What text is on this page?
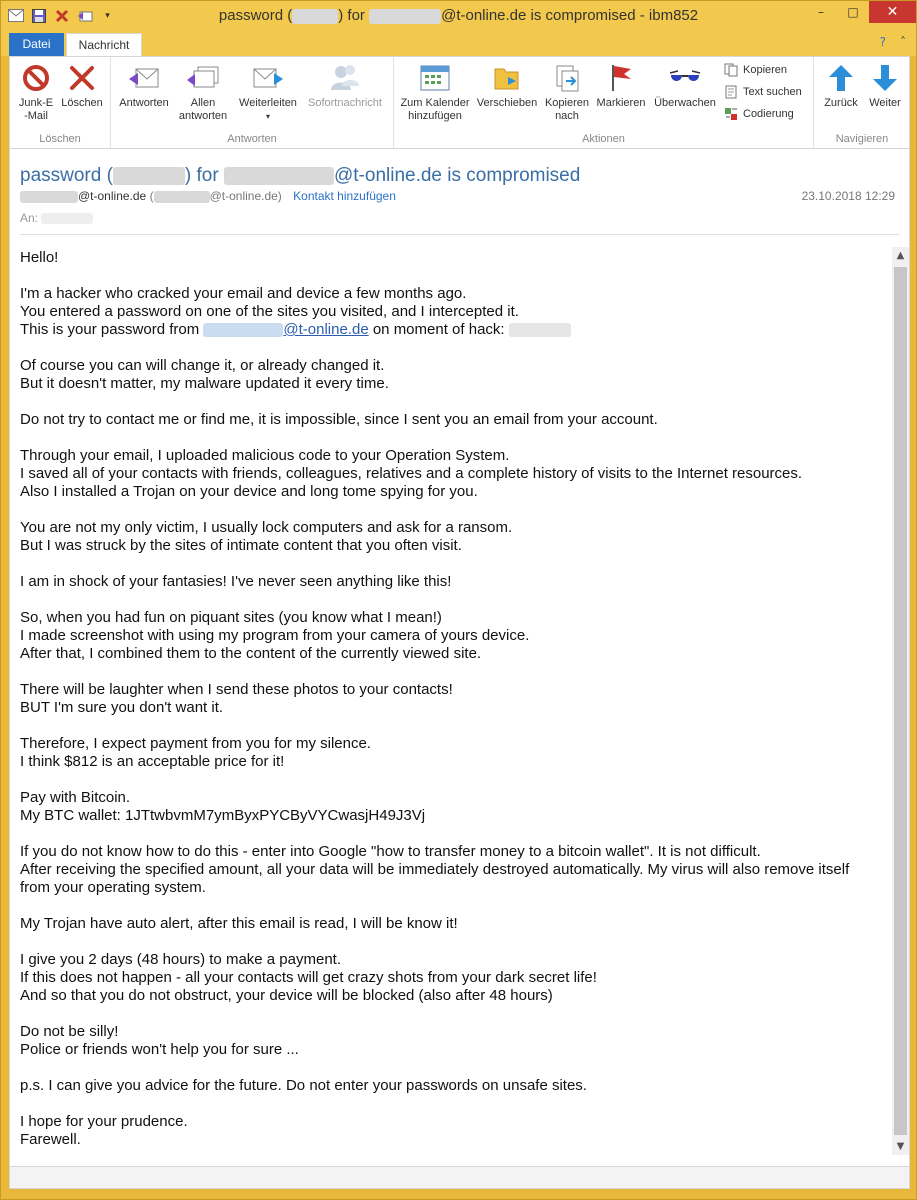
▾	password (	) for	@t-online.de is compromised - ibm852	–	□	✕
Datei	Nachricht	? ˄
Junk-E
-Mail
Löschen
Löschen
Antworten	Allen
antworten
Weiterleiten
▾
Sofortnachricht
Antworten
Zum Kalender
hinzufügen
Verschieben Kopieren
nach
Markieren Überwachen
Kopieren
Text suchen
Codierung
Aktionen
Zurück	Weiter
Navigieren
password (	) for	@t-online.de is compromised
@t-online.de (	@t-online.de) Kontakt hinzufügen	23.10.2018 12:29
An:

Hello!

I'm a hacker who cracked your email and device a few months ago.

You entered a password on one of the sites you visited, and I intercepted it.

This is your password from	@t-online.de on moment of hack:

Of course you can will change it, or already changed it.

But it doesn't matter, my malware updated it every time.

Do not try to contact me or find me, it is impossible, since I sent you an email from your account.

Through your email, I uploaded malicious code to your Operation System.

I saved all of your contacts with friends, colleagues, relatives and a complete history of visits to the Internet resources.

Also I installed a Trojan on your device and long tome spying for you.

You are not my only victim, I usually lock computers and ask for a ransom.

But I was struck by the sites of intimate content that you often visit.

I am in shock of your fantasies! I've never seen anything like this!

So, when you had fun on piquant sites (you know what I mean!)

I made screenshot with using my program from your camera of yours device.

After that, I combined them to the content of the currently viewed site.

There will be laughter when I send these photos to your contacts!

BUT I'm sure you don't want it.

Therefore, I expect payment from you for my silence.

I think $812 is an acceptable price for it!

Pay with Bitcoin.

My BTC wallet: 1JTtwbvmM7ymByxPYCByVYCwasjH49J3Vj

If you do not know how to do this - enter into Google "how to transfer money to a bitcoin wallet". It is not difficult.

After receiving the specified amount, all your data will be immediately destroyed automatically. My virus will also remove itself

from your operating system.

My Trojan have auto alert, after this email is read, I will be know it!

I give you 2 days (48 hours) to make a payment.

If this does not happen - all your contacts will get crazy shots from your dark secret life!

And so that you do not obstruct, your device will be blocked (also after 48 hours)

Do not be silly!

Police or friends won't help you for sure ...

p.s. I can give you advice for the future. Do not enter your passwords on unsafe sites.

I hope for your prudence.

Farewell.

▲
▼
